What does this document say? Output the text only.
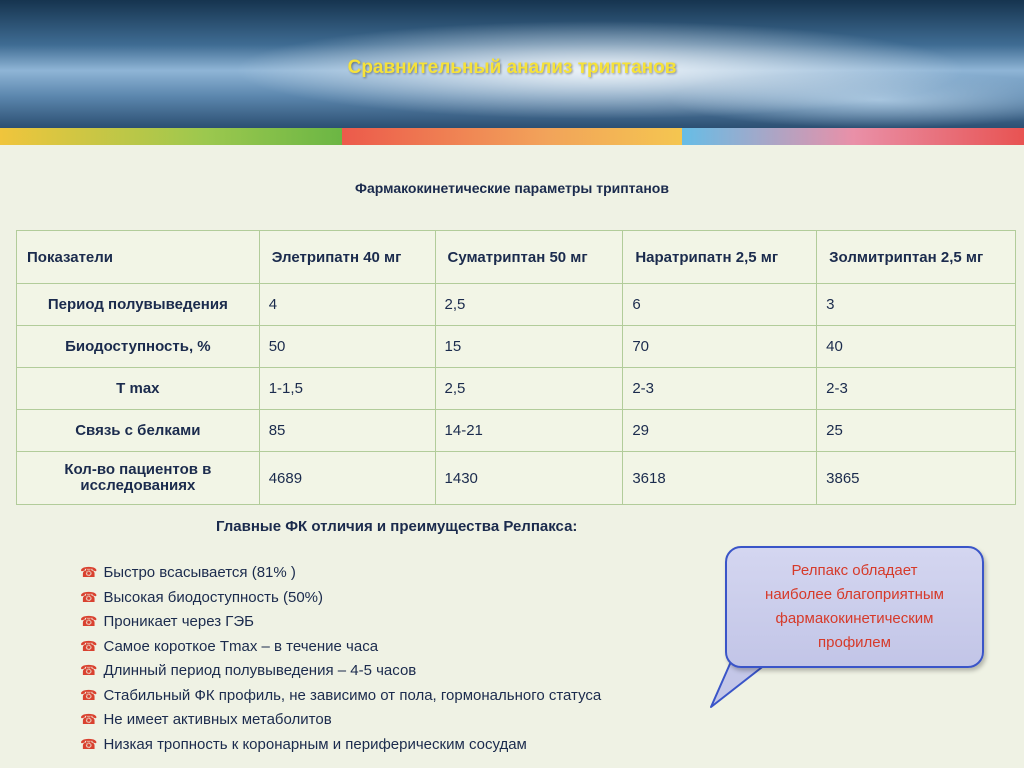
Сравнительный анализ триптанов
Фармакокинетические параметры триптанов
Показатели	Элетрипатн 40 мг	Суматриптан 50 мг	Наратрипатн 2,5 мг	Золмитриптан 2,5 мг
Период полувыведения	4	2,5	6	3
Биодоступность, %	50	15	70	40
T max	1-1,5	2,5	2-3	2-3
Связь с белками	85	14-21	29	25
Кол-во пациентов в
исследованиях	4689	1430	3618	3865
Главные ФК отличия и преимущества Релпакса:
☎ Быстро всасывается (81% )
☎ Высокая биодоступность (50%)
☎ Проникает через ГЭБ
☎ Самое короткое Tmax – в течение часа
☎ Длинный период полувыведения – 4-5 часов
☎ Стабильный ФК профиль, не зависимо от пола, гормонального статуса
☎ Не имеет активных метаболитов
☎ Низкая тропность к коронарным и периферическим сосудам
Релпакс обладает
наиболее благоприятным
фармакокинетическим
профилем
